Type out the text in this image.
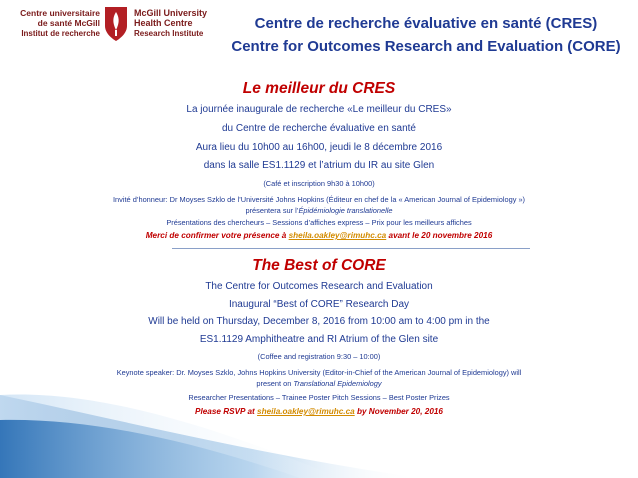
Centre universitaire
de santé McGill
Institut de recherche
McGill University
Health Centre
Research Institute
Centre de recherche évaluative en santé (CRES)
Centre for Outcomes Research and Evaluation (CORE)
Le meilleur du CRES
La journée inaugurale de recherche «Le meilleur du CRES»
du Centre de recherche évaluative en santé
Aura lieu du 10h00 au 16h00, jeudi le 8 décembre 2016
dans la salle ES1.1129 et l’atrium du IR au site Glen
(Café et inscription 9h30 à 10h00)
Invité d’honneur: Dr Moyses Szklo de l’Université Johns Hopkins (Éditeur en chef de la « American Journal of Epidemiology »)
présentera sur l’Épidémiologie translationelle
Présentations des chercheurs – Sessions d’affiches express – Prix pour les meilleurs affiches
Merci de confirmer votre présence à sheila.oakley@rimuhc.ca avant le 20 novembre 2016
The Best of CORE
The Centre for Outcomes Research and Evaluation
Inaugural “Best of CORE” Research Day
Will be held on Thursday, December 8, 2016 from 10:00 am to 4:00 pm in the
ES1.1129 Amphitheatre and RI Atrium of the Glen site
(Coffee and registration 9:30 – 10:00)
Keynote speaker: Dr. Moyses Szklo, Johns Hopkins University (Editor-in-Chief of the American Journal of Epidemiology) will
present on Translational Epidemiology
Researcher Presentations – Trainee Poster Pitch Sessions – Best Poster Prizes
Please RSVP at sheila.oakley@rimuhc.ca by November 20, 2016
